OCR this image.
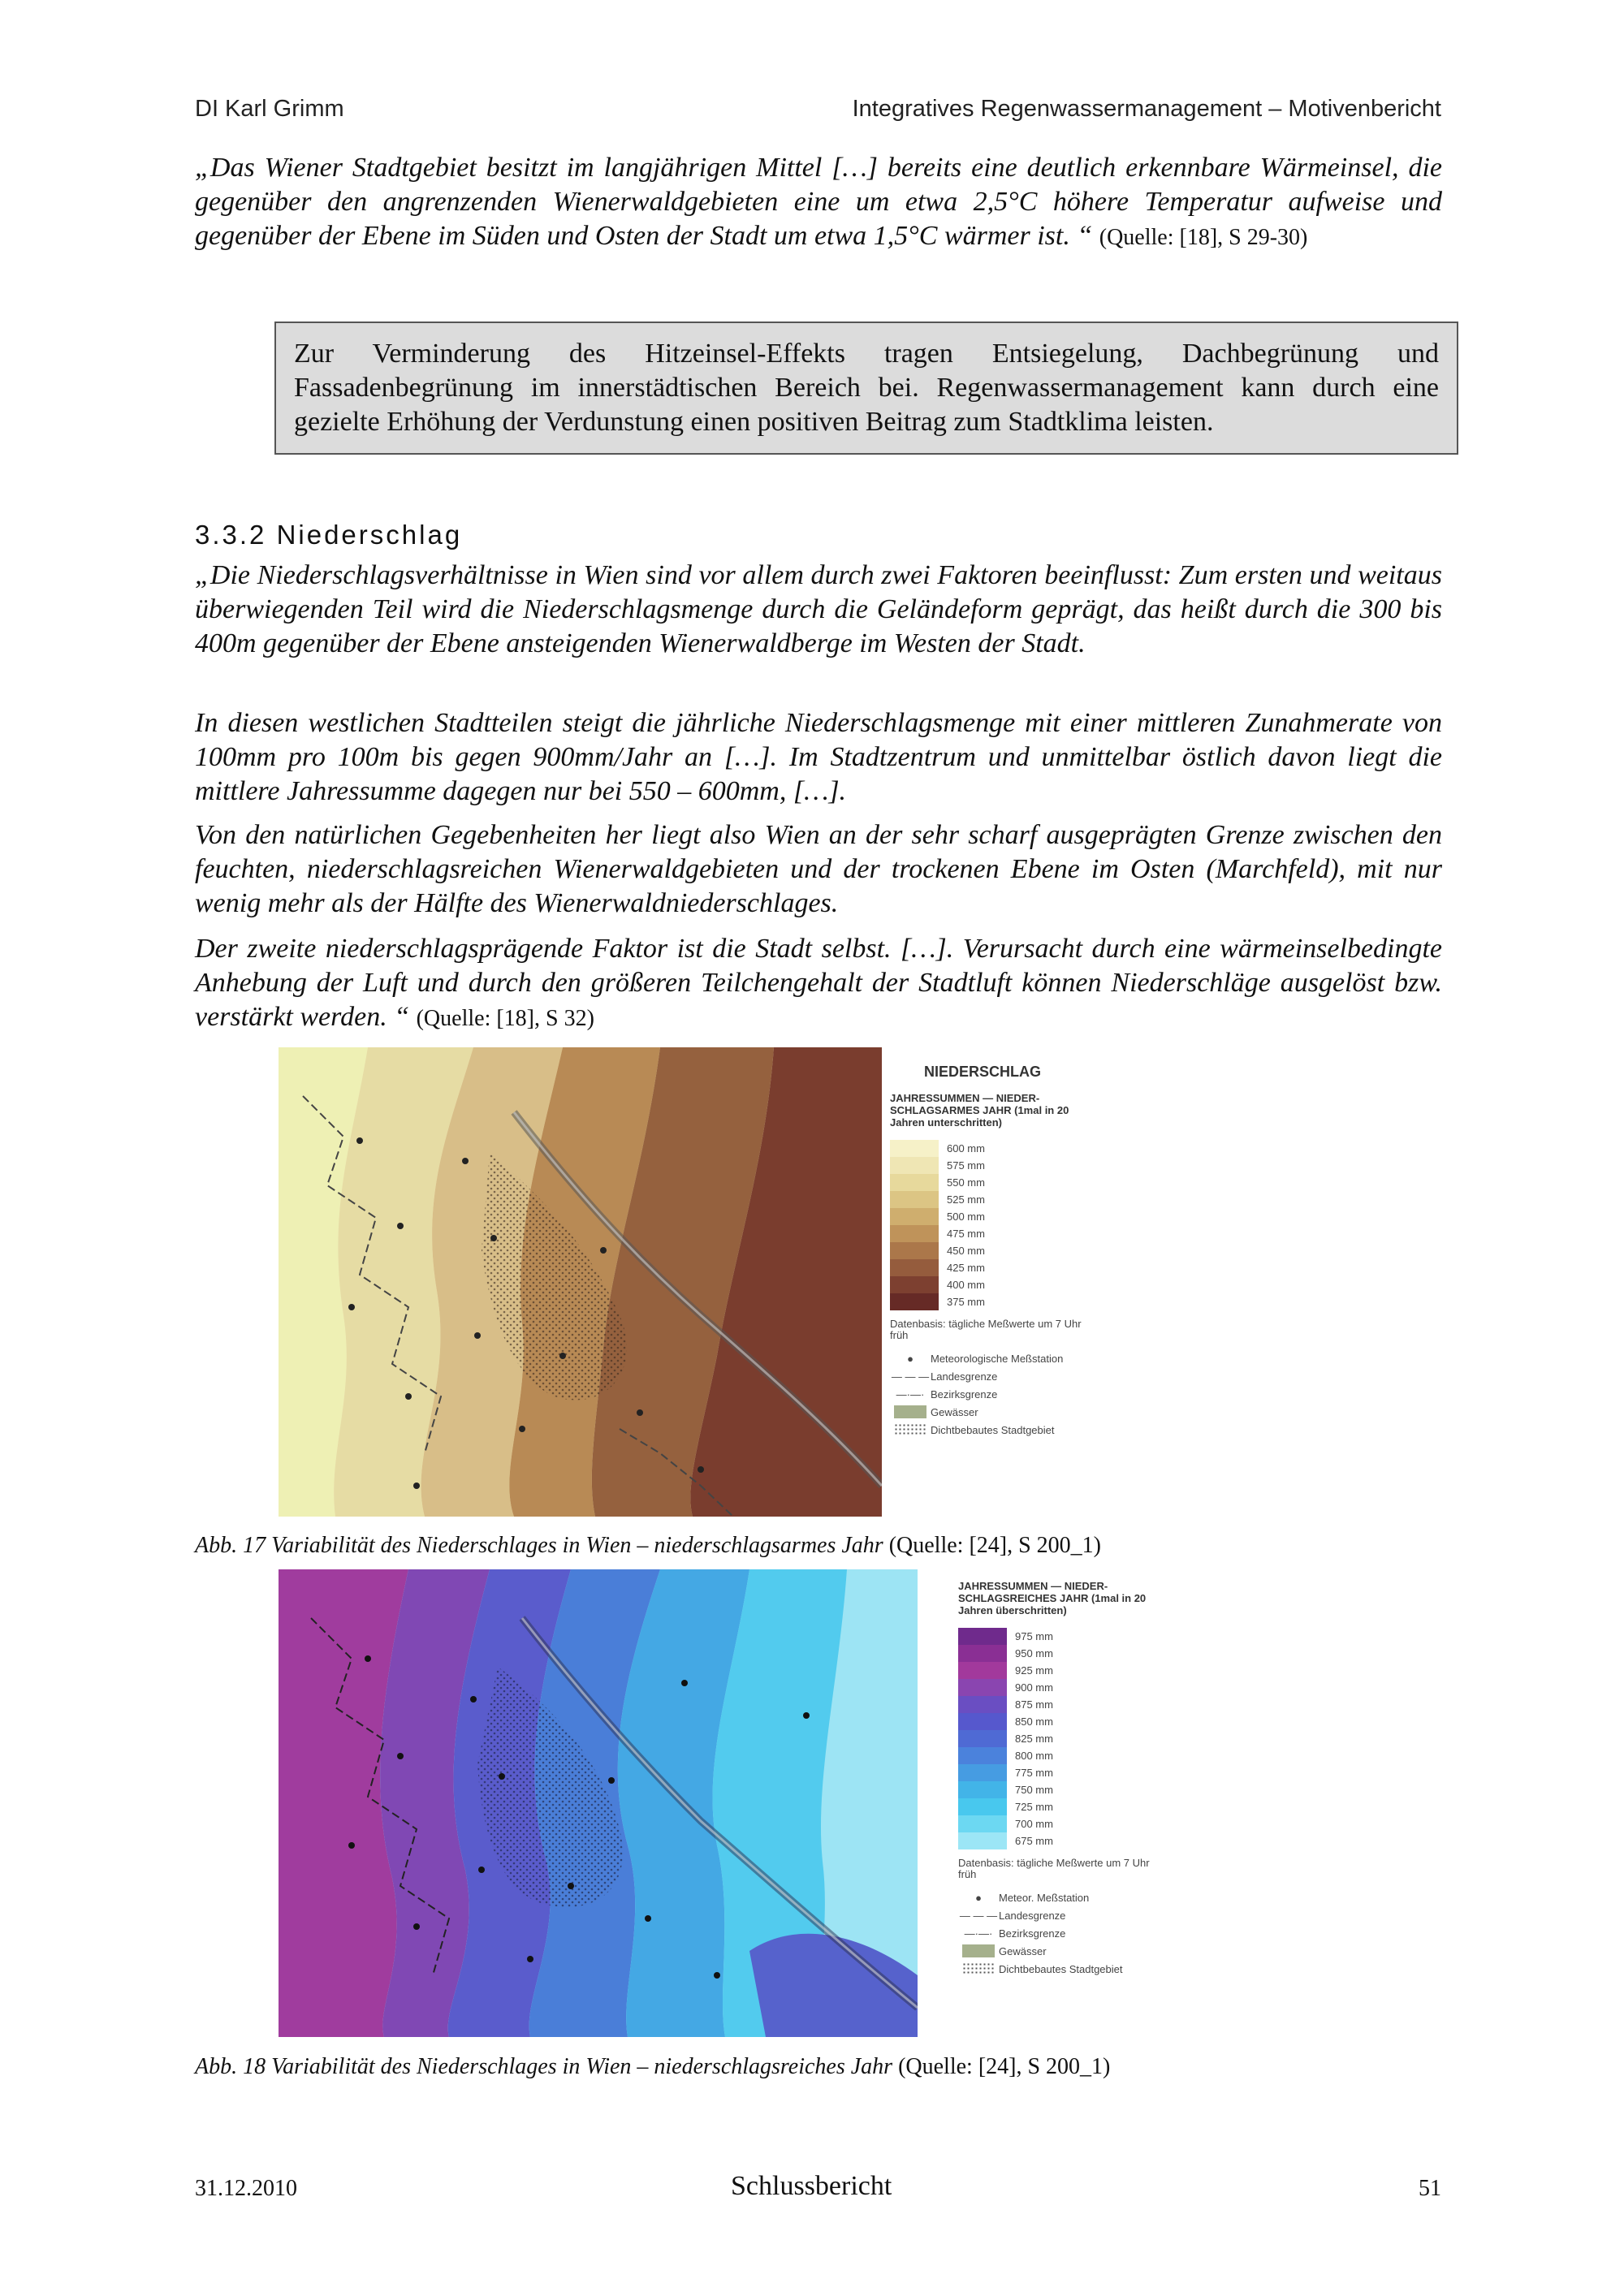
DI Karl Grimm	Integratives Regenwassermanagement – Motivenbericht
„Das Wiener Stadtgebiet besitzt im langjährigen Mittel […] bereits eine deutlich erkennbare Wärmeinsel, die gegenüber den angrenzenden Wienerwaldgebieten eine um etwa 2,5°C höhere Temperatur aufweise und gegenüber der Ebene im Süden und Osten der Stadt um etwa 1,5°C wärmer ist. “ (Quelle: [18], S 29-30)
Zur Verminderung des Hitzeinsel-Effekts tragen Entsiegelung, Dachbegrünung und Fassadenbegrünung im innerstädtischen Bereich bei. Regenwassermanagement kann durch eine gezielte Erhöhung der Verdunstung einen positiven Beitrag zum Stadtklima leisten.
3.3.2 Niederschlag
„Die Niederschlagsverhältnisse in Wien sind vor allem durch zwei Faktoren beeinflusst: Zum ersten und weitaus überwiegenden Teil wird die Niederschlagsmenge durch die Geländeform geprägt, das heißt durch die 300 bis 400m gegenüber der Ebene ansteigenden Wienerwaldberge im Westen der Stadt.
In diesen westlichen Stadtteilen steigt die jährliche Niederschlagsmenge mit einer mittleren Zunahmerate von 100mm pro 100m bis gegen 900mm/Jahr an […]. Im Stadtzentrum und unmittelbar östlich davon liegt die mittlere Jahressumme dagegen nur bei 550 – 600mm, […].
Von den natürlichen Gegebenheiten her liegt also Wien an der sehr scharf ausgeprägten Grenze zwischen den feuchten, niederschlagsreichen Wienerwaldgebieten und der trockenen Ebene im Osten (Marchfeld), mit nur wenig mehr als der Hälfte des Wienerwaldniederschlages.
Der zweite niederschlagsprägende Faktor ist die Stadt selbst. […]. Verursacht durch eine wärmeinselbedingte Anhebung der Luft und durch den größeren Teilchengehalt der Stadtluft können Niederschläge ausgelöst bzw. verstärkt werden. “ (Quelle: [18], S 32)
NIEDERSCHLAG
JAHRESSUMMEN — NIEDER-SCHLAGSARMES JAHR (1mal in 20 Jahren unterschritten)
600 mm
575 mm
550 mm
525 mm
500 mm
475 mm
450 mm
425 mm
400 mm
375 mm
Datenbasis: tägliche Meßwerte um 7 Uhr früh
●	Meteorologische Meßstation
— — — Landesgrenze
—·—· Bezirksgrenze
Gewässer
Dichtbebautes Stadtgebiet
Abb. 17 Variabilität des Niederschlages in Wien – niederschlagsarmes Jahr (Quelle: [24], S 200_1)
JAHRESSUMMEN — NIEDER-SCHLAGSREICHES JAHR (1mal in 20 Jahren überschritten)
975 mm
950 mm
925 mm
900 mm
875 mm
850 mm
825 mm
800 mm
775 mm
750 mm
725 mm
700 mm
675 mm
Datenbasis: tägliche Meßwerte um 7 Uhr früh
●	Meteor. Meßstation
— — — Landesgrenze
—·—· Bezirksgrenze
Gewässer
Dichtbebautes Stadtgebiet
Abb. 18 Variabilität des Niederschlages in Wien – niederschlagsreiches Jahr (Quelle: [24], S 200_1)
31.12.2010	Schlussbericht	51
